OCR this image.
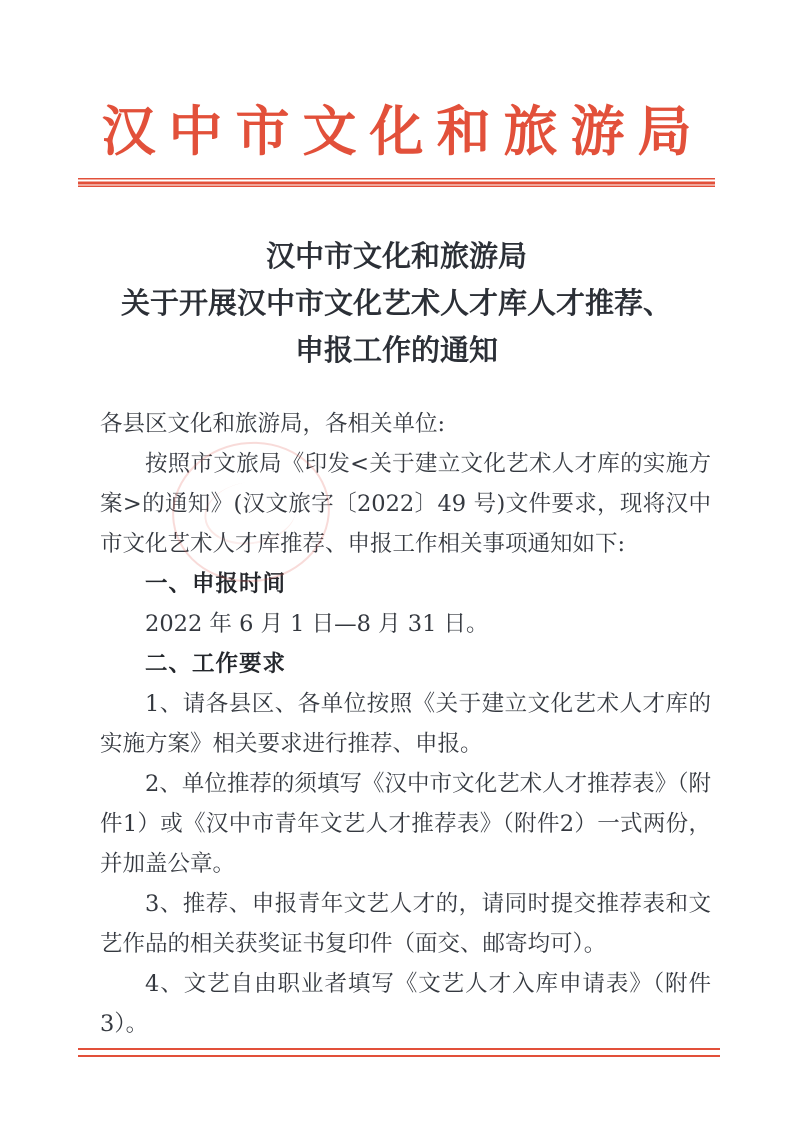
汉中市文化和旅游局
汉中市文化和旅游局
关于开展汉中市文化艺术人才库人才推荐、
申报工作的通知

各县区文化和旅游局，各相关单位:

按照市文旅局《印发<关于建立文化艺术人才库的实施方案>的通知》(汉文旅字〔2022〕49 号)文件要求，现将汉中市文化艺术人才库推荐、申报工作相关事项通知如下:

一、申报时间

2022 年 6 月 1 日—8 月 31 日。

二、工作要求

1、请各县区、各单位按照《关于建立文化艺术人才库的实施方案》相关要求进行推荐、申报。

2、单位推荐的须填写《汉中市文化艺术人才推荐表》（附件1）或《汉中市青年文艺人才推荐表》（附件2）一式两份，并加盖公章。

3、推荐、申报青年文艺人才的，请同时提交推荐表和文艺作品的相关获奖证书复印件（面交、邮寄均可）。

4、文艺自由职业者填写《文艺人才入库申请表》（附件3）。
